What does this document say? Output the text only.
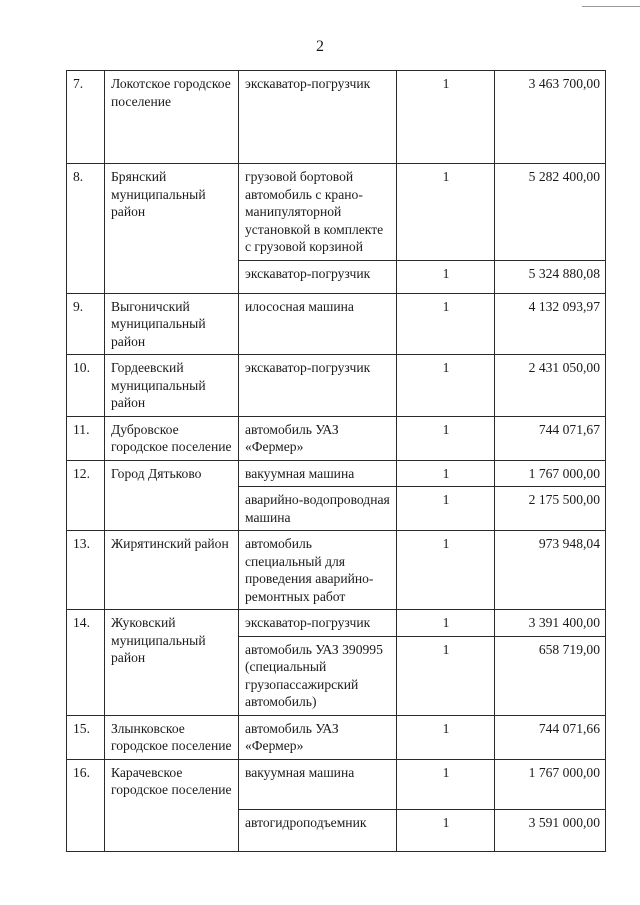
2
7.	Локотское городское поселение	экскаватор-погрузчик	1	3 463 700,00
8.	Брянский муниципальный район	грузовой бортовой автомобиль с крано-манипуляторной установкой в комплекте с грузовой корзиной	1	5 282 400,00
		экскаватор-погрузчик	1	5 324 880,08
9.	Выгоничский муниципальный район	илососная машина	1	4 132 093,97
10.	Гордеевский муниципальный район	экскаватор-погрузчик	1	2 431 050,00
11.	Дубровское городское поселение	автомобиль УАЗ «Фермер»	1	744 071,67
12.	Город Дятьково	вакуумная машина	1	1 767 000,00
		аварийно-водопроводная машина	1	2 175 500,00
13.	Жирятинский район	автомобиль специальный для проведения аварийно-ремонтных работ	1	973 948,04
14.	Жуковский муниципальный район	экскаватор-погрузчик	1	3 391 400,00
		автомобиль УАЗ 390995 (специальный грузопассажирский автомобиль)	1	658 719,00
15.	Злынковское городское поселение	автомобиль УАЗ «Фермер»	1	744 071,66
16.	Карачевское городское поселение	вакуумная машина	1	1 767 000,00
		автогидроподъемник	1	3 591 000,00
